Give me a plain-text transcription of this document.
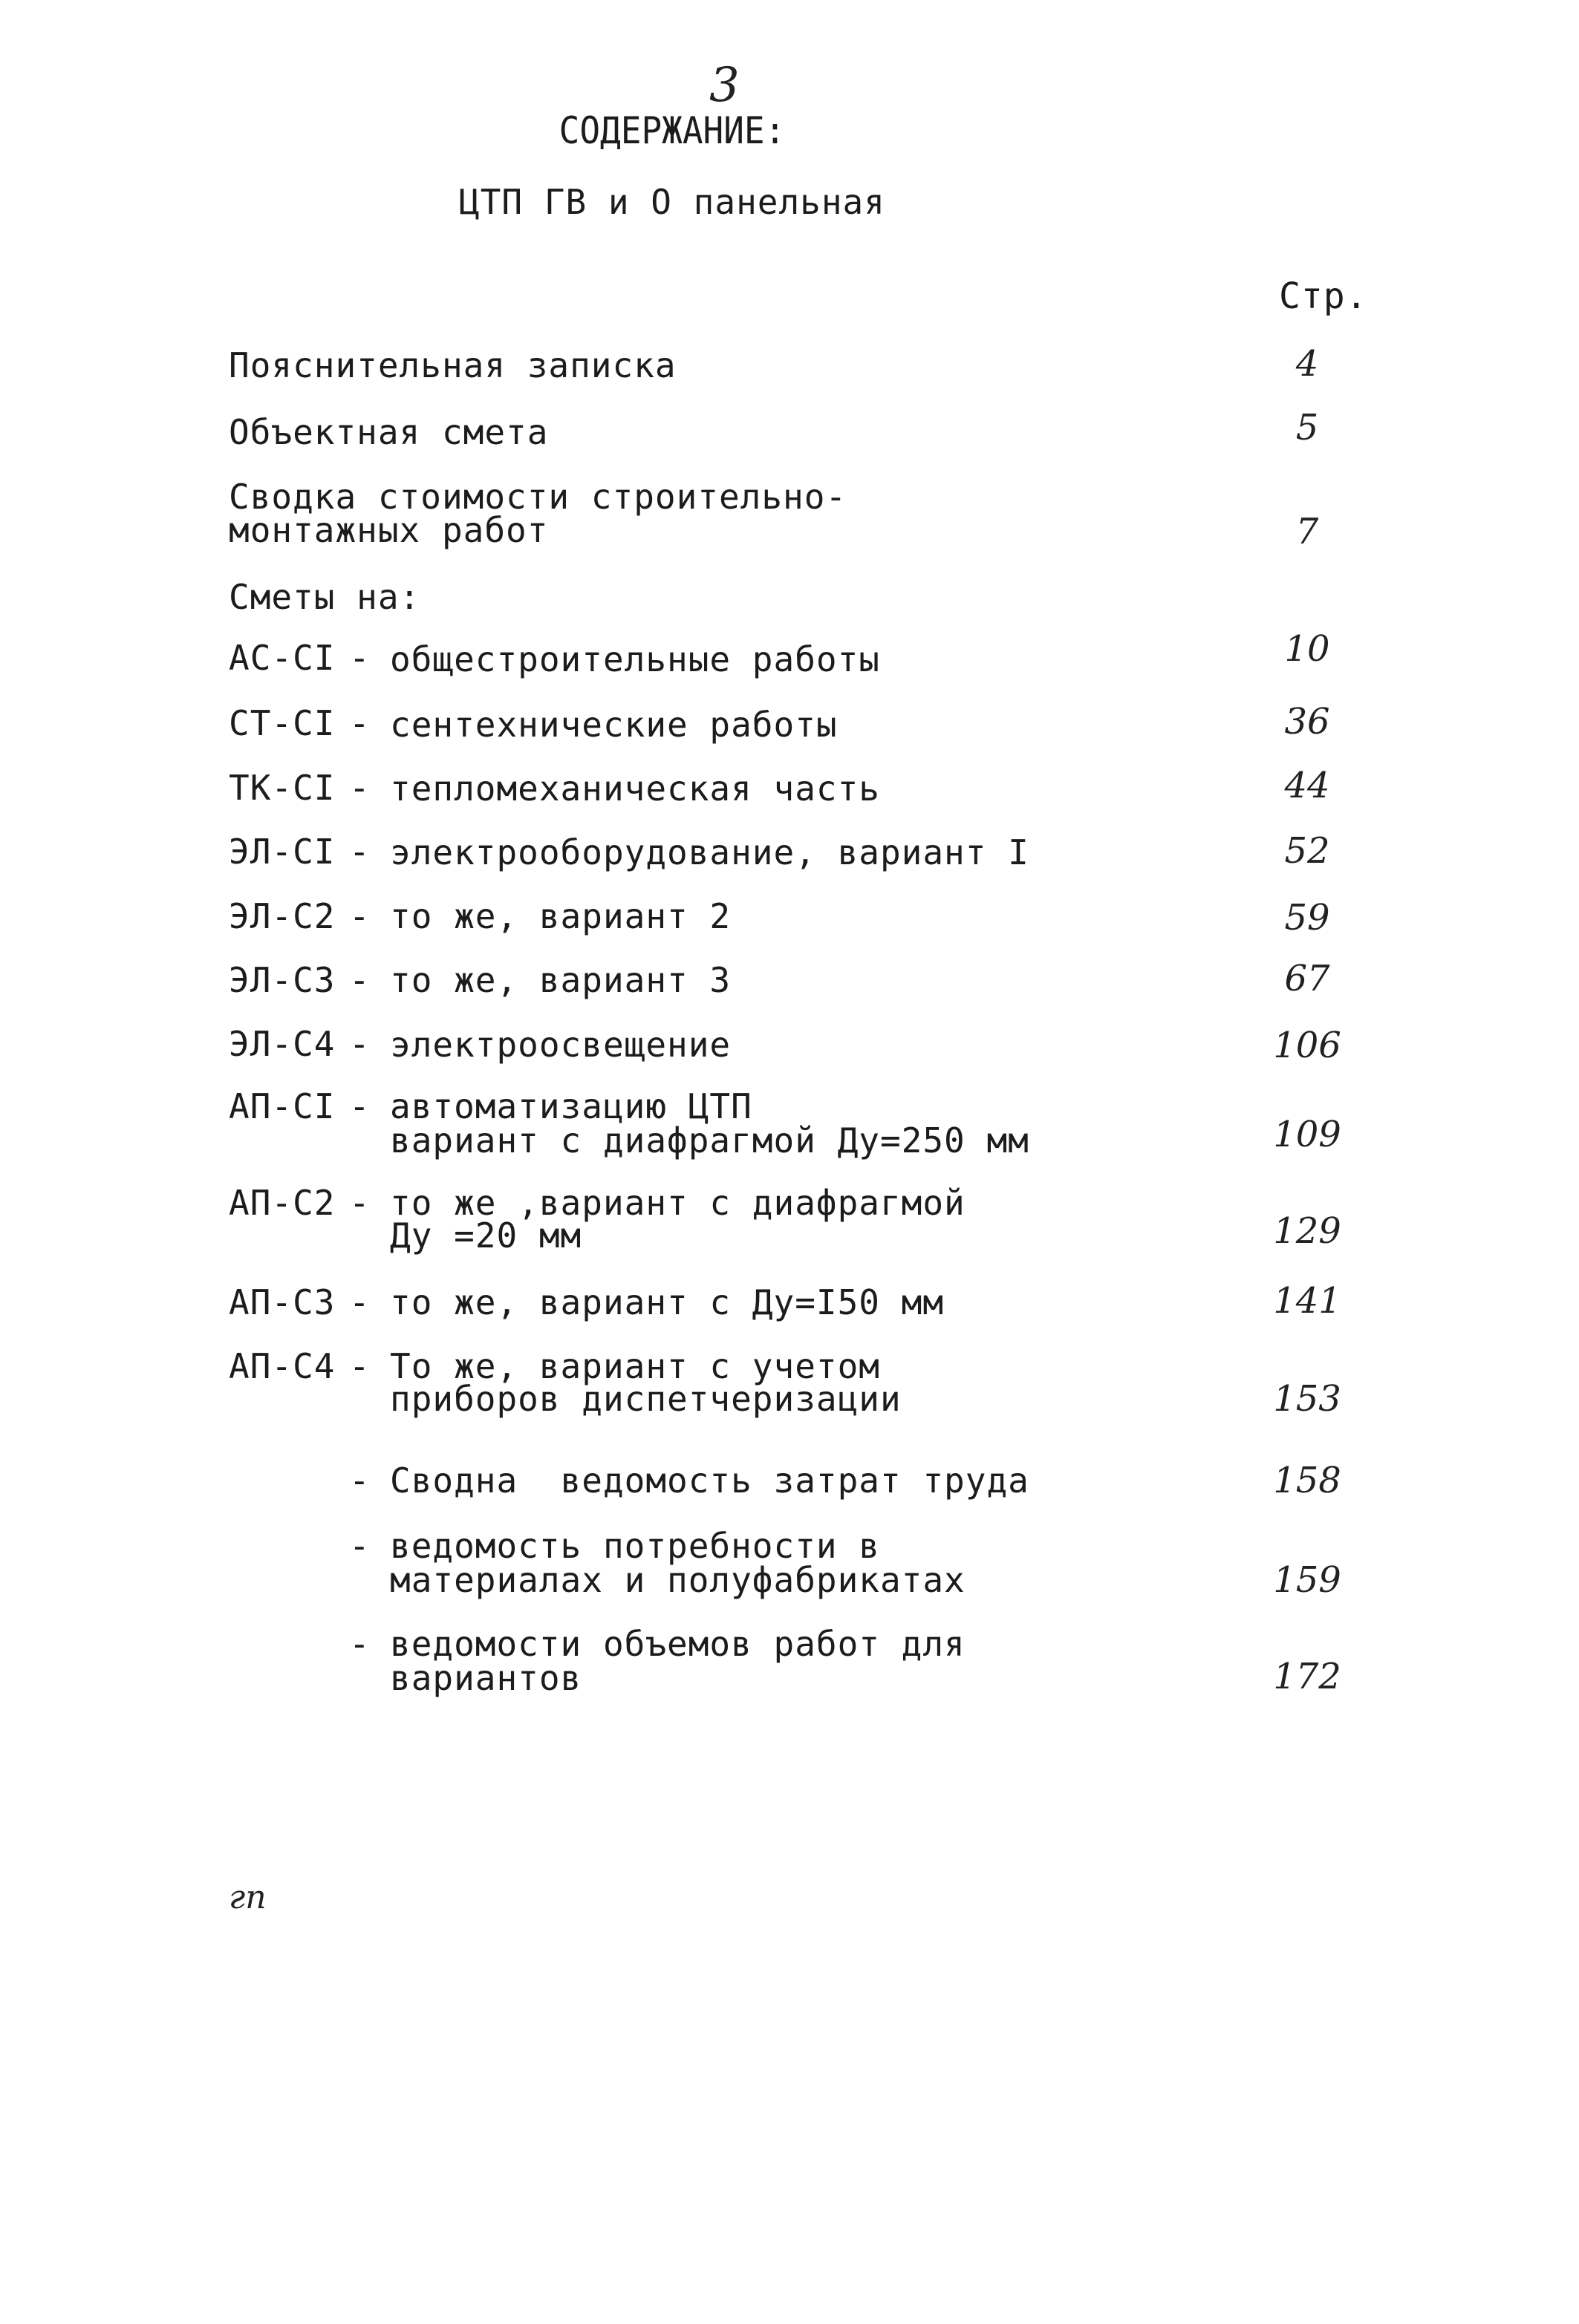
3
СОДЕРЖАНИЕ:
ЦТП ГВ и О панельная
Стр.
Пояснительная записка	4
Объектная смета	5
Сводка стоимости строительно-
монтажных работ	7
Сметы на:
АС-СI - общестроительные работы	10
СТ-СI - сентехнические работы	36
ТК-СI - тепломеханическая часть	44
ЭЛ-СI - электрооборудование, вариант I	52
ЭЛ-С2 - то же, вариант 2	59
ЭЛ-С3 - то же, вариант 3	67
ЭЛ-С4 - электроосвещение	106
АП-СI - автоматизацию ЦТП
вариант с диафрагмой Ду=250 мм	109
АП-С2 - то же ,вариант с диафрагмой
Ду =20 мм	129
АП-С3 - то же, вариант с Ду=I50 мм	141
АП-С4 - То же, вариант с учетом
приборов диспетчеризации	153
- Сводна  ведомость затрат труда	158
- ведомость потребности в
материалах и полуфабрикатах	159
- ведомости объемов работ для
вариантов	172
гп
